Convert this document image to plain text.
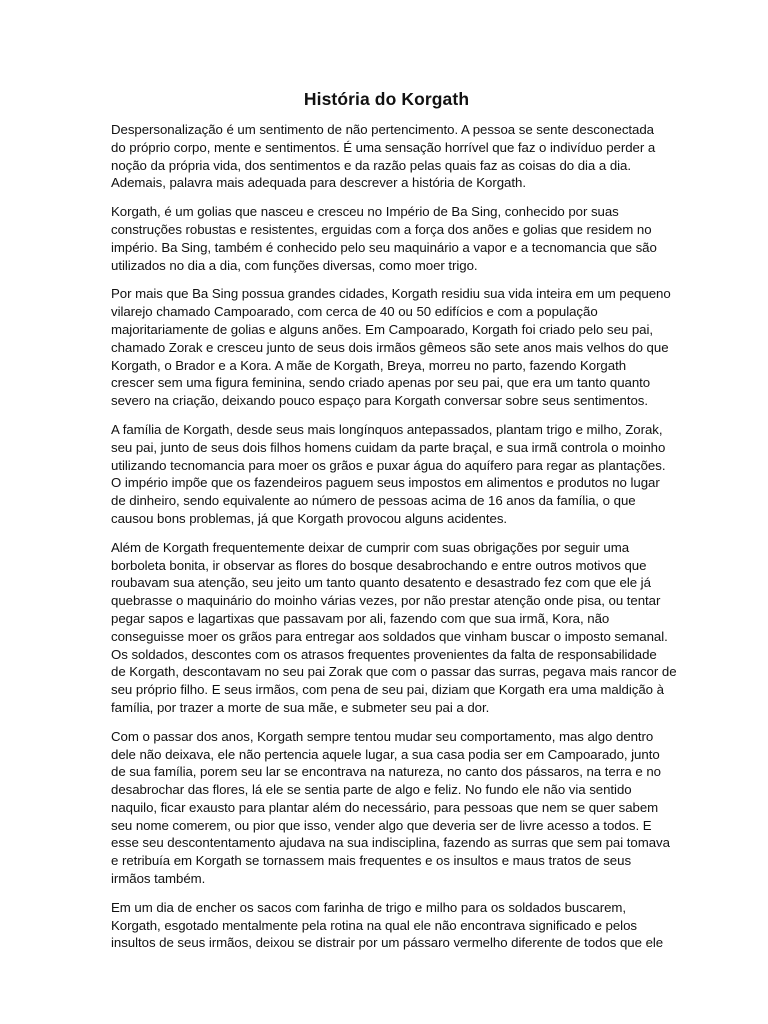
História do Korgath

Despersonalização é um sentimento de não pertencimento. A pessoa se sente desconectada
do próprio corpo, mente e sentimentos. É uma sensação horrível que faz o indivíduo perder a
noção da própria vida, dos sentimentos e da razão pelas quais faz as coisas do dia a dia.
Ademais, palavra mais adequada para descrever a história de Korgath.

Korgath, é um golias que nasceu e cresceu no Império de Ba Sing, conhecido por suas
construções robustas e resistentes, erguidas com a força dos anões e golias que residem no
império. Ba Sing, também é conhecido pelo seu maquinário a vapor e a tecnomancia que são
utilizados no dia a dia, com funções diversas, como moer trigo.

Por mais que Ba Sing possua grandes cidades, Korgath residiu sua vida inteira em um pequeno
vilarejo chamado Campoarado, com cerca de 40 ou 50 edifícios e com a população
majoritariamente de golias e alguns anões. Em Campoarado, Korgath foi criado pelo seu pai,
chamado Zorak e cresceu junto de seus dois irmãos gêmeos são sete anos mais velhos do que
Korgath, o Brador e a Kora. A mãe de Korgath, Breya, morreu no parto, fazendo Korgath
crescer sem uma figura feminina, sendo criado apenas por seu pai, que era um tanto quanto
severo na criação, deixando pouco espaço para Korgath conversar sobre seus sentimentos.

A família de Korgath, desde seus mais longínquos antepassados, plantam trigo e milho, Zorak,
seu pai, junto de seus dois filhos homens cuidam da parte braçal, e sua irmã controla o moinho
utilizando tecnomancia para moer os grãos e puxar água do aquífero para regar as plantações.
O império impõe que os fazendeiros paguem seus impostos em alimentos e produtos no lugar
de dinheiro, sendo equivalente ao número de pessoas acima de 16 anos da família, o que
causou bons problemas, já que Korgath provocou alguns acidentes.

Além de Korgath frequentemente deixar de cumprir com suas obrigações por seguir uma
borboleta bonita, ir observar as flores do bosque desabrochando e entre outros motivos que
roubavam sua atenção, seu jeito um tanto quanto desatento e desastrado fez com que ele já
quebrasse o maquinário do moinho várias vezes, por não prestar atenção onde pisa, ou tentar
pegar sapos e lagartixas que passavam por ali, fazendo com que sua irmã, Kora, não
conseguisse moer os grãos para entregar aos soldados que vinham buscar o imposto semanal.
Os soldados, descontes com os atrasos frequentes provenientes da falta de responsabilidade
de Korgath, descontavam no seu pai Zorak que com o passar das surras, pegava mais rancor de
seu próprio filho. E seus irmãos, com pena de seu pai, diziam que Korgath era uma maldição à
família, por trazer a morte de sua mãe, e submeter seu pai a dor.

Com o passar dos anos, Korgath sempre tentou mudar seu comportamento, mas algo dentro
dele não deixava, ele não pertencia aquele lugar, a sua casa podia ser em Campoarado, junto
de sua família, porem seu lar se encontrava na natureza, no canto dos pássaros, na terra e no
desabrochar das flores, lá ele se sentia parte de algo e feliz. No fundo ele não via sentido
naquilo, ficar exausto para plantar além do necessário, para pessoas que nem se quer sabem
seu nome comerem, ou pior que isso, vender algo que deveria ser de livre acesso a todos. E
esse seu descontentamento ajudava na sua indisciplina, fazendo as surras que sem pai tomava
e retribuía em Korgath se tornassem mais frequentes e os insultos e maus tratos de seus
irmãos também.

Em um dia de encher os sacos com farinha de trigo e milho para os soldados buscarem,
Korgath, esgotado mentalmente pela rotina na qual ele não encontrava significado e pelos
insultos de seus irmãos, deixou se distrair por um pássaro vermelho diferente de todos que ele
